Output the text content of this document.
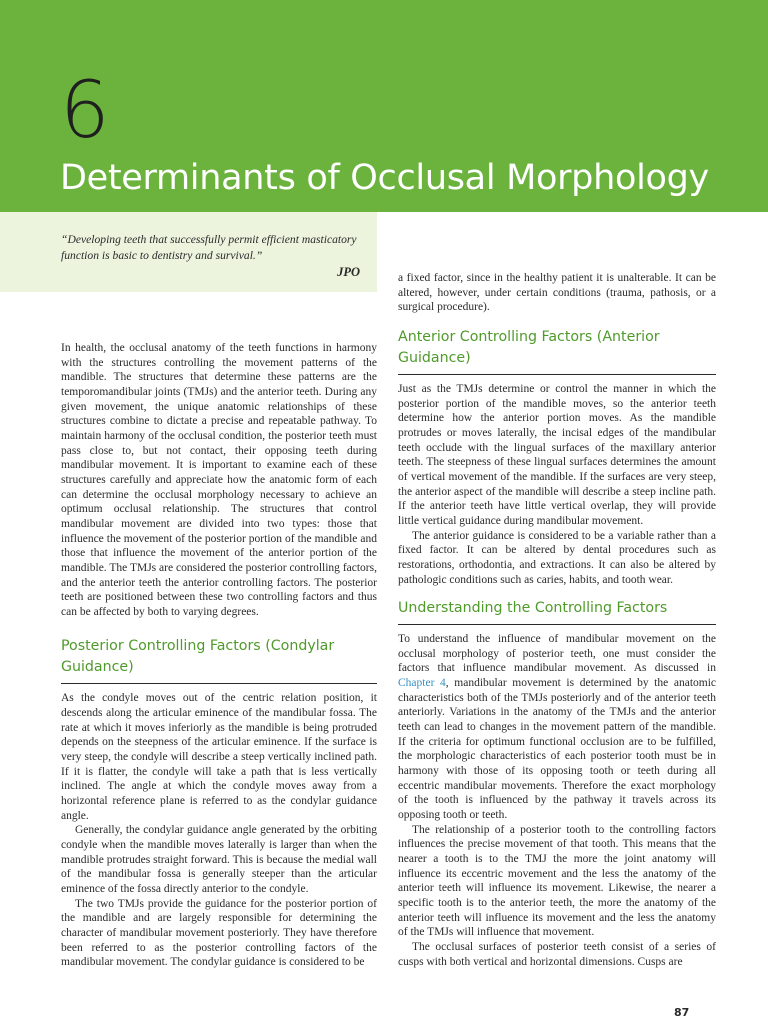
6
Determinants of Occlusal Morphology
“Developing teeth that successfully permit efficient masticatory function is basic to dentistry and survival.”
JPO

In health, the occlusal anatomy of the teeth functions in harmony with the structures controlling the movement patterns of the mandible. The structures that determine these patterns are the temporomandibular joints (TMJs) and the anterior teeth. During any given movement, the unique anatomic relationships of these structures combine to dictate a precise and repeatable pathway. To maintain harmony of the occlusal condition, the posterior teeth must pass close to, but not contact, their opposing teeth during mandibular movement. It is important to examine each of these structures carefully and appreciate how the anatomic form of each can determine the occlusal morphology necessary to achieve an optimum occlusal relationship. The structures that control mandibular movement are divided into two types: those that influence the movement of the posterior portion of the mandible and those that influence the movement of the anterior portion of the mandible. The TMJs are considered the posterior controlling factors, and the anterior teeth the anterior controlling factors. The posterior teeth are positioned between these two controlling factors and thus can be affected by both to varying degrees.

Posterior Controlling Factors (Condylar Guidance)

As the condyle moves out of the centric relation position, it descends along the articular eminence of the mandibular fossa. The rate at which it moves inferiorly as the mandible is being protruded depends on the steepness of the articular eminence. If the surface is very steep, the condyle will describe a steep vertically inclined path. If it is flatter, the condyle will take a path that is less vertically inclined. The angle at which the condyle moves away from a horizontal reference plane is referred to as the condylar guidance angle.

Generally, the condylar guidance angle generated by the orbiting condyle when the mandible moves laterally is larger than when the mandible protrudes straight forward. This is because the medial wall of the mandibular fossa is generally steeper than the articular eminence of the fossa directly anterior to the condyle.

The two TMJs provide the guidance for the posterior portion of the mandible and are largely responsible for determining the character of mandibular movement posteriorly. They have therefore been referred to as the posterior controlling factors of the mandibular movement. The condylar guidance is considered to be

a fixed factor, since in the healthy patient it is unalterable. It can be altered, however, under certain conditions (trauma, pathosis, or a surgical procedure).

Anterior Controlling Factors (Anterior Guidance)

Just as the TMJs determine or control the manner in which the posterior portion of the mandible moves, so the anterior teeth determine how the anterior portion moves. As the mandible protrudes or moves laterally, the incisal edges of the mandibular teeth occlude with the lingual surfaces of the maxillary anterior teeth. The steepness of these lingual surfaces determines the amount of vertical movement of the mandible. If the surfaces are very steep, the anterior aspect of the mandible will describe a steep incline path. If the anterior teeth have little vertical overlap, they will provide little vertical guidance during mandibular movement.

The anterior guidance is considered to be a variable rather than a fixed factor. It can be altered by dental procedures such as restorations, orthodontia, and extractions. It can also be altered by pathologic conditions such as caries, habits, and tooth wear.

Understanding the Controlling Factors

To understand the influence of mandibular movement on the occlusal morphology of posterior teeth, one must consider the factors that influence mandibular movement. As discussed in Chapter 4, mandibular movement is determined by the anatomic characteristics both of the TMJs posteriorly and of the anterior teeth anteriorly. Variations in the anatomy of the TMJs and the anterior teeth can lead to changes in the movement pattern of the mandible. If the criteria for optimum functional occlusion are to be fulfilled, the morphologic characteristics of each posterior tooth must be in harmony with those of its opposing tooth or teeth during all eccentric mandibular movements. Therefore the exact morphology of the tooth is influenced by the pathway it travels across its opposing tooth or teeth.

The relationship of a posterior tooth to the controlling factors influences the precise movement of that tooth. This means that the nearer a tooth is to the TMJ the more the joint anatomy will influence its eccentric movement and the less the anatomy of the anterior teeth will influence its movement. Likewise, the nearer a specific tooth is to the anterior teeth, the more the anatomy of the anterior teeth will influence its movement and the less the anatomy of the TMJs will influence that movement.

The occlusal surfaces of posterior teeth consist of a series of cusps with both vertical and horizontal dimensions. Cusps are

87
